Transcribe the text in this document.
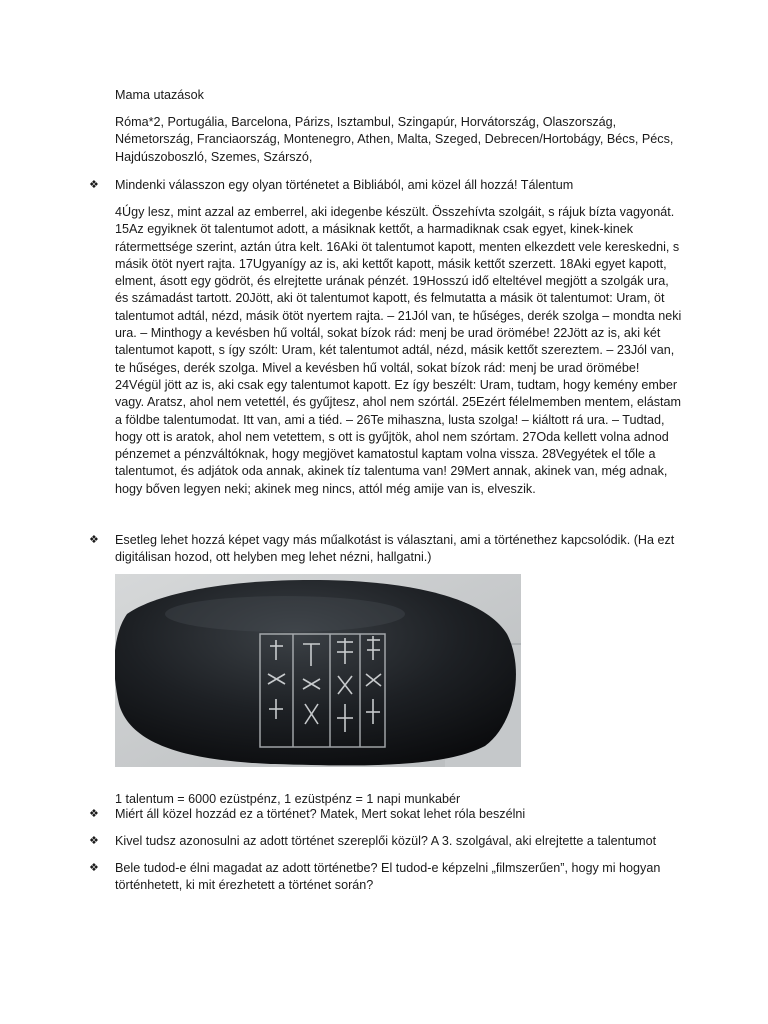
Mama utazások

Róma*2, Portugália, Barcelona, Párizs, Isztambul, Szingapúr, Horvátország, Olaszország, Németország, Franciaország, Montenegro, Athen, Malta, Szeged, Debrecen/Hortobágy, Bécs, Pécs, Hajdúszoboszló, Szemes, Szárszó,

❖ Mindenki válasszon egy olyan történetet a Bibliából, ami közel áll hozzá! Tálentum

4Úgy lesz, mint azzal az emberrel, aki idegenbe készült. Összehívta szolgáit, s rájuk bízta vagyonát. 15Az egyiknek öt talentumot adott, a másiknak kettőt, a harmadiknak csak egyet, kinek-kinek rátermettsége szerint, aztán útra kelt. 16Aki öt talentumot kapott, menten elkezdett vele kereskedni, s másik ötöt nyert rajta. 17Ugyanígy az is, aki kettőt kapott, másik kettőt szerzett. 18Aki egyet kapott, elment, ásott egy gödröt, és elrejtette urának pénzét. 19Hosszú idő elteltével megjött a szolgák ura, és számadást tartott. 20Jött, aki öt talentumot kapott, és felmutatta a másik öt talentumot: Uram, öt talentumot adtál, nézd, másik ötöt nyertem rajta. – 21Jól van, te hűséges, derék szolga – mondta neki ura. – Minthogy a kevésben hű voltál, sokat bízok rád: menj be urad örömébe! 22Jött az is, aki két talentumot kapott, s így szólt: Uram, két talentumot adtál, nézd, másik kettőt szereztem. – 23Jól van, te hűséges, derék szolga. Mivel a kevésben hű voltál, sokat bízok rád: menj be urad örömébe! 24Végül jött az is, aki csak egy talentumot kapott. Ez így beszélt: Uram, tudtam, hogy kemény ember vagy. Aratsz, ahol nem vetettél, és gyűjtesz, ahol nem szórtál. 25Ezért félelmemben mentem, elástam a földbe talentumodat. Itt van, ami a tiéd. – 26Te mihaszna, lusta szolga! – kiáltott rá ura. – Tudtad, hogy ott is aratok, ahol nem vetettem, s ott is gyűjtök, ahol nem szórtam. 27Oda kellett volna adnod pénzemet a pénzváltóknak, hogy megjövet kamatostul kaptam volna vissza. 28Vegyétek el tőle a talentumot, és adjátok oda annak, akinek tíz talentuma van! 29Mert annak, akinek van, még adnak, hogy bőven legyen neki; akinek meg nincs, attól még amije van is, elveszik.

❖ Esetleg lehet hozzá képet vagy más műalkotást is választani, ami a történethez kapcsolódik. (Ha ezt digitálisan hozod, ott helyben meg lehet nézni, hallgatni.)

1 talentum = 6000 ezüstpénz, 1 ezüstpénz = 1 napi munkabér

❖ Miért áll közel hozzád ez a történet? Matek, Mert sokat lehet róla beszélni

❖ Kivel tudsz azonosulni az adott történet szereplői közül? A 3. szolgával, aki elrejtette a talentumot

❖ Bele tudod-e élni magadat az adott történetbe? El tudod-e képzelni „filmszerűen”, hogy mi hogyan történhetett, ki mit érezhetett a történet során?
